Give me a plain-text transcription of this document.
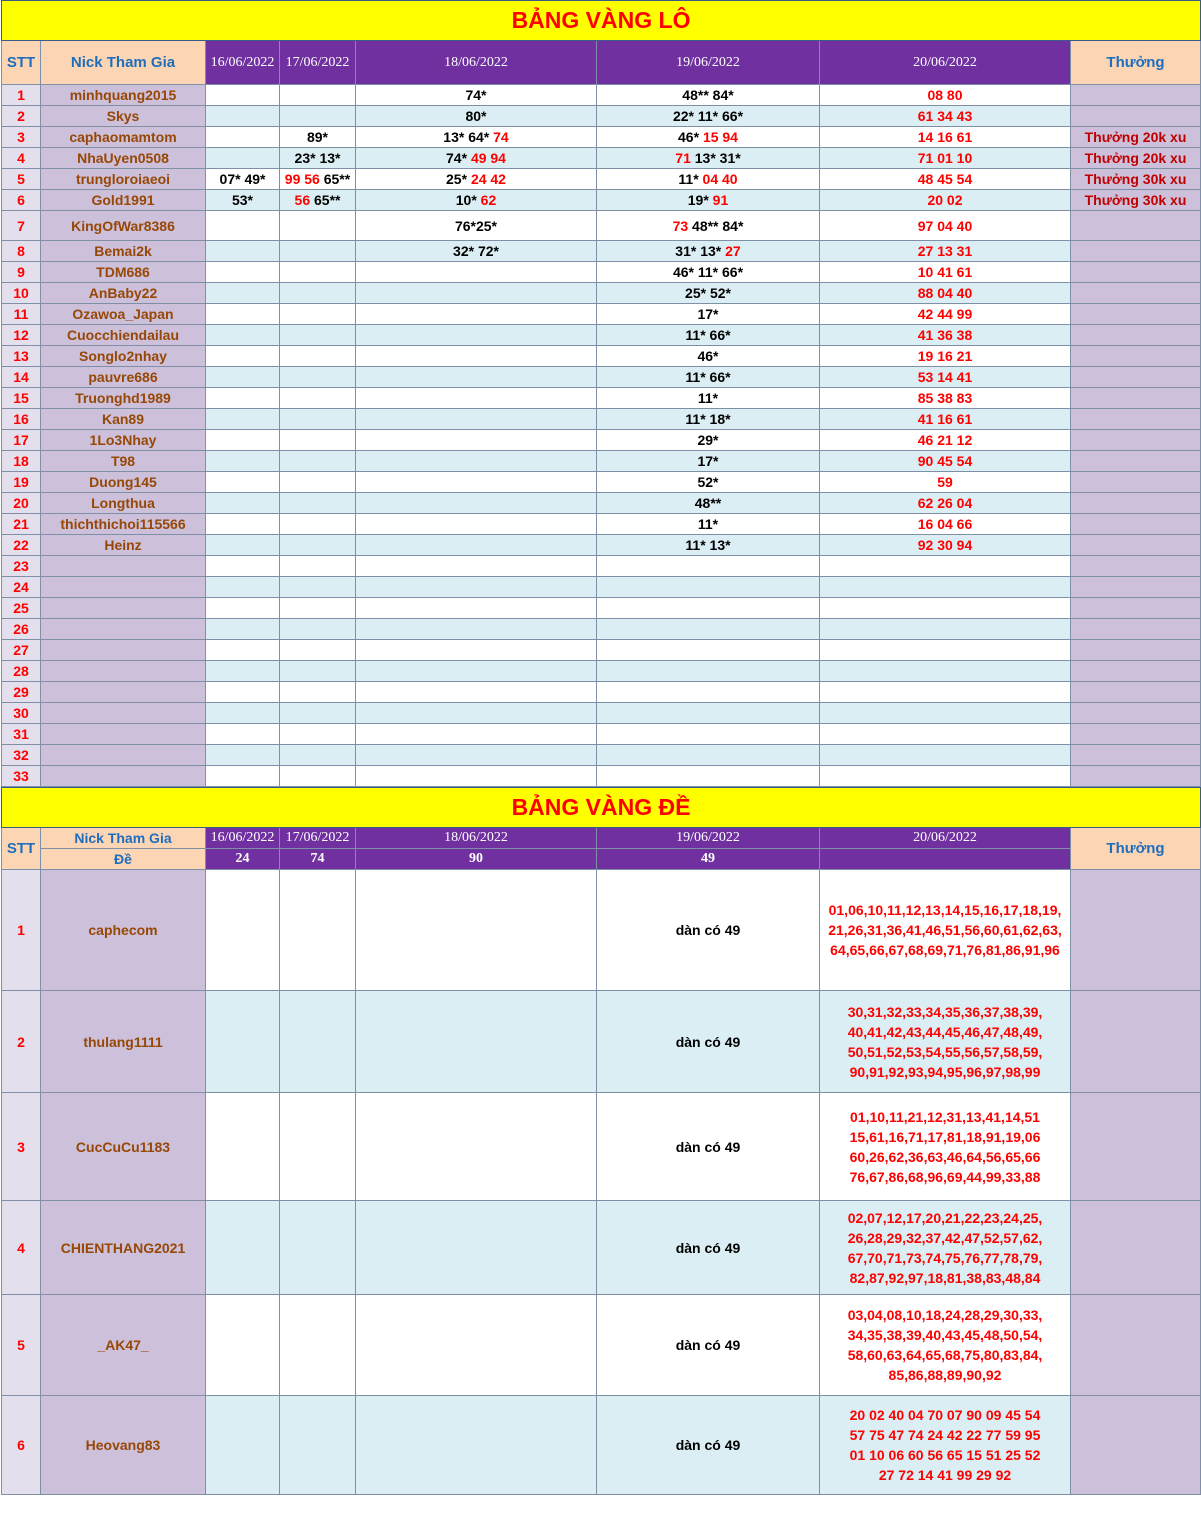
BẢNG VÀNG LÔ							
STT	Nick Tham Gia	16/06/2022	17/06/2022	18/06/2022	19/06/2022	20/06/2022	Thưởng
1	minhquang2015			74*	48** 84*	08 80	
2	Skys			80*	22* 11* 66*	61 34 43	
3	caphaomamtom		89*	13* 64* 74	46* 15 94	14 16 61	Thưởng 20k xu
4	NhaUyen0508		23* 13*	74* 49 94	71 13* 31*	71 01 10	Thưởng 20k xu
5	trungloroiaeoi	07* 49*	99 56 65**	25* 24 42	11* 04 40	48 45 54	Thưởng 30k xu
6	Gold1991	53*	56 65**	10* 62	19* 91	20 02	Thưởng 30k xu
7	KingOfWar8386			76*25*	73 48** 84*	97 04 40	
8	Bemai2k			32* 72*	31* 13* 27	27 13 31	
9	TDM686				46* 11* 66*	10 41 61	
10	AnBaby22				25* 52*	88 04 40	
11	Ozawoa_Japan				17*	42 44 99	
12	Cuocchiendailau				11* 66*	41 36 38	
13	Songlo2nhay				46*	19 16 21	
14	pauvre686				11* 66*	53 14 41	
15	Truonghd1989				11*	85 38 83	
16	Kan89				11* 18*	41 16 61	
17	1Lo3Nhay				29*	46 21 12	
18	T98				17*	90 45 54	
19	Duong145				52*	59	
20	Longthua				48**	62 26 04	
21	thichthichoi115566				11*	16 04 66	
22	Heinz				11* 13*	92 30 94	
23							
24							
25							
26							
27							
28							
29							
30							
31							
32							
33							
BẢNG VÀNG ĐỀ							
STT	Nick Tham Gia	16/06/2022	17/06/2022	18/06/2022	19/06/2022	20/06/2022	Thưởng
	Đề	24	74	90	49		
1	caphecom				dàn có 49	01,06,10,11,12,13,14,15,16,17,18,19,
21,26,31,36,41,46,51,56,60,61,62,63,
64,65,66,67,68,69,71,76,81,86,91,96	

2	thulang1111				dàn có 49	30,31,32,33,34,35,36,37,38,39,
40,41,42,43,44,45,46,47,48,49,
50,51,52,53,54,55,56,57,58,59,
90,91,92,93,94,95,96,97,98,99	

3	CucCuCu1183				dàn có 49	01,10,11,21,12,31,13,41,14,51
15,61,16,71,17,81,18,91,19,06
60,26,62,36,63,46,64,56,65,66
76,67,86,68,96,69,44,99,33,88	

4	CHIENTHANG2021				dàn có 49	02,07,12,17,20,21,22,23,24,25,
26,28,29,32,37,42,47,52,57,62,
67,70,71,73,74,75,76,77,78,79,
82,87,92,97,18,81,38,83,48,84	

5	_AK47_				dàn có 49	03,04,08,10,18,24,28,29,30,33,
34,35,38,39,40,43,45,48,50,54,
58,60,63,64,65,68,75,80,83,84,
85,86,88,89,90,92	

6	Heovang83				dàn có 49	20 02 40 04 70 07 90 09 45 54
57 75 47 74 24 42 22 77 59 95
01 10 06 60 56 65 15 51 25 52
27 72 14 41 99 29 92	
